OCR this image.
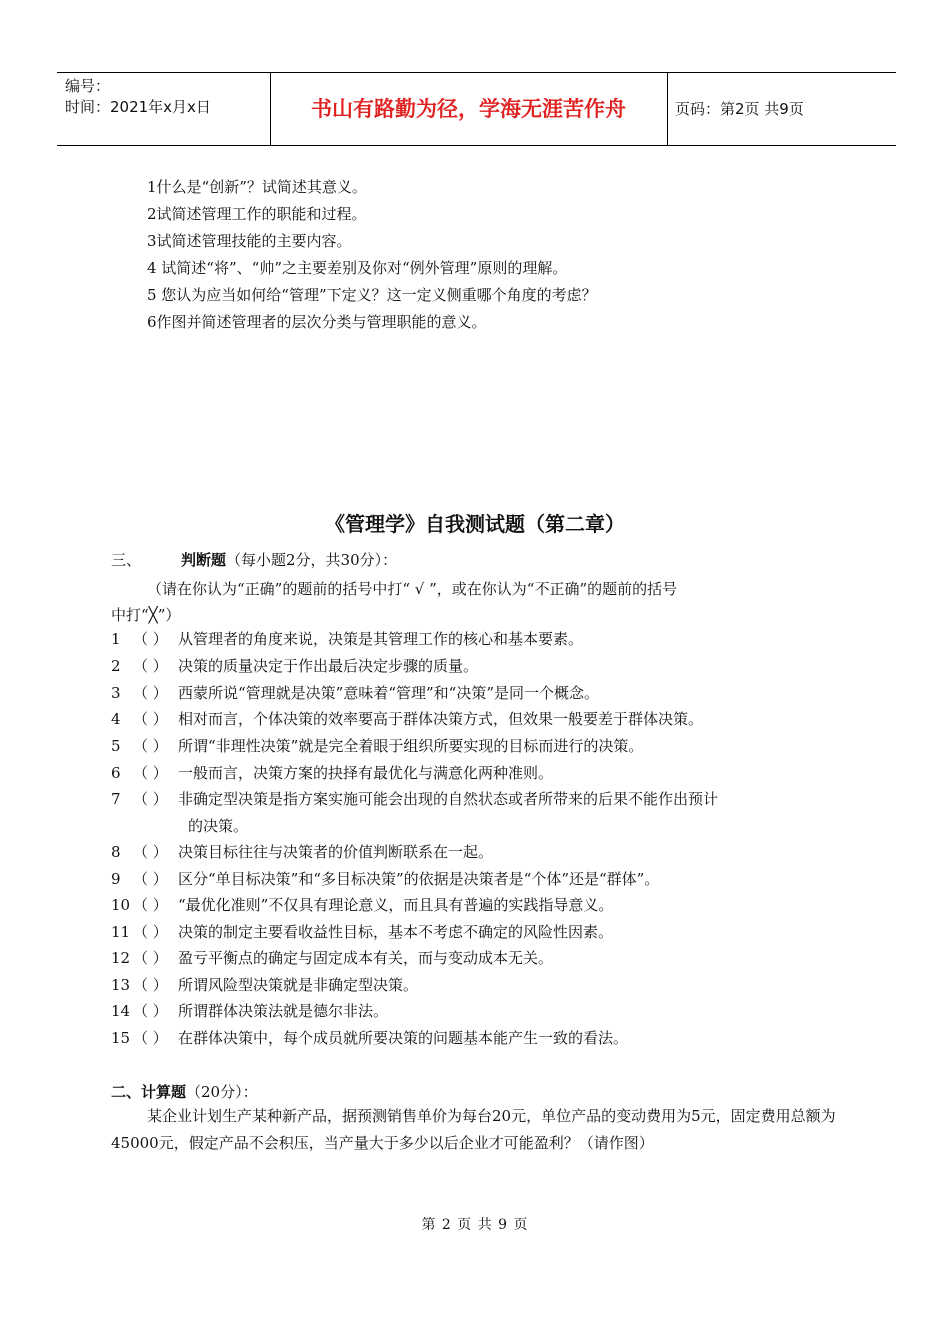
编号：
时间：2021年x月x日	书山有路勤为径，学海无涯苦作舟	页码：第2页 共9页
1什么是“创新”？试简述其意义。
2试简述管理工作的职能和过程。
3试简述管理技能的主要内容。
4 试简述“将”、“帅”之主要差别及你对“例外管理”原则的理解。
5 您认为应当如何给“管理”下定义？这一定义侧重哪个角度的考虑？
6作图并简述管理者的层次分类与管理职能的意义。
《管理学》自我测试题（第二章）
三、	判断题（每小题2分，共30分）：
（请在你认为“正确”的题前的括号中打“ √ ”，或在你认为“不正确”的题前的括号
中打“╳”）
1 （ ） 从管理者的角度来说，决策是其管理工作的核心和基本要素。
2 （ ） 决策的质量决定于作出最后决定步骤的质量。
3 （ ） 西蒙所说“管理就是决策”意味着“管理”和“决策”是同一个概念。
4 （ ） 相对而言，个体决策的效率要高于群体决策方式，但效果一般要差于群体决策。
5 （ ） 所谓“非理性决策”就是完全着眼于组织所要实现的目标而进行的决策。
6 （ ） 一般而言，决策方案的抉择有最优化与满意化两种准则。
7 （ ） 非确定型决策是指方案实施可能会出现的自然状态或者所带来的后果不能作出预计
的决策。
8 （ ） 决策目标往往与决策者的价值判断联系在一起。
9 （ ） 区分“单目标决策”和“多目标决策”的依据是决策者是“个体”还是“群体”。
10 （ ） “最优化准则”不仅具有理论意义，而且具有普遍的实践指导意义。
11 （ ） 决策的制定主要看收益性目标，基本不考虑不确定的风险性因素。
12 （ ） 盈亏平衡点的确定与固定成本有关，而与变动成本无关。
13 （ ） 所谓风险型决策就是非确定型决策。
14 （ ） 所谓群体决策法就是德尔非法。
15 （ ） 在群体决策中，每个成员就所要决策的问题基本能产生一致的看法。
二、计算题（20分）：
某企业计划生产某种新产品，据预测销售单价为每台20元，单位产品的变动费用为5元，固定费用总额为45000元，假定产品不会积压，当产量大于多少以后企业才可能盈利？（请作图）
第 2 页 共 9 页
